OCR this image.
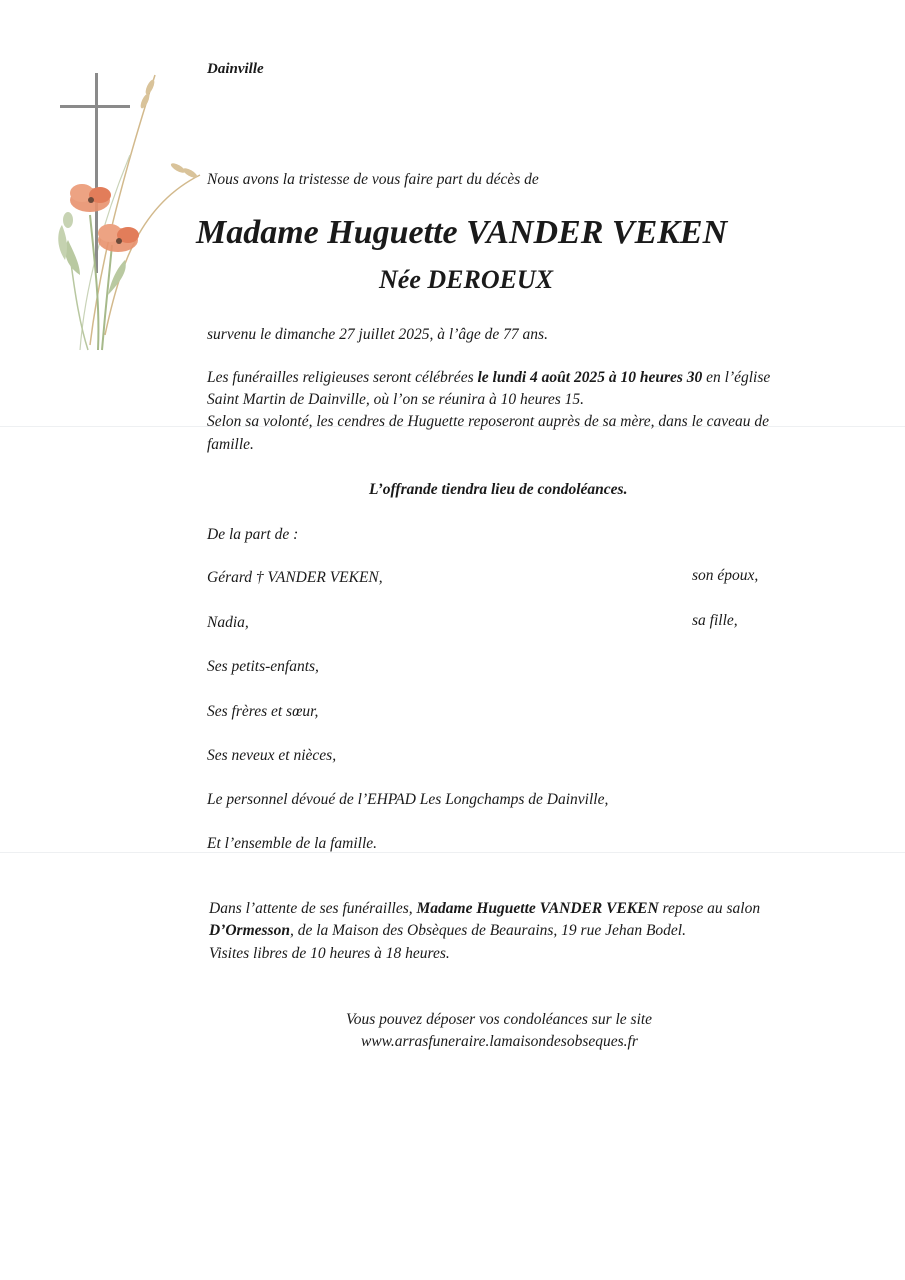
Dainville
Nous avons la tristesse de vous faire part du décès de
Madame Huguette VANDER VEKEN
Née DEROEUX
survenu le dimanche 27 juillet 2025, à l’âge de 77 ans.
Les funérailles religieuses seront célébrées le lundi 4 août 2025 à 10 heures 30 en l’église
Saint Martin de Dainville, où l’on se réunira à 10 heures 15.
Selon sa volonté, les cendres de Huguette reposeront auprès de sa mère, dans le caveau de
famille.
L’offrande tiendra lieu de condoléances.
De la part de :
Gérard † VANDER VEKEN,	son époux,
Nadia,	sa fille,
Ses petits-enfants,
Ses frères et sœur,
Ses neveux et nièces,
Le personnel dévoué de l’EHPAD Les Longchamps de Dainville,
Et l’ensemble de la famille.
Dans l’attente de ses funérailles, Madame Huguette VANDER VEKEN repose au salon
D’Ormesson, de la Maison des Obsèques de Beaurains, 19 rue Jehan Bodel.
Visites libres de 10 heures à 18 heures.
Vous pouvez déposer vos condoléances sur le site
www.arrasfuneraire.lamaisondesobseques.fr
